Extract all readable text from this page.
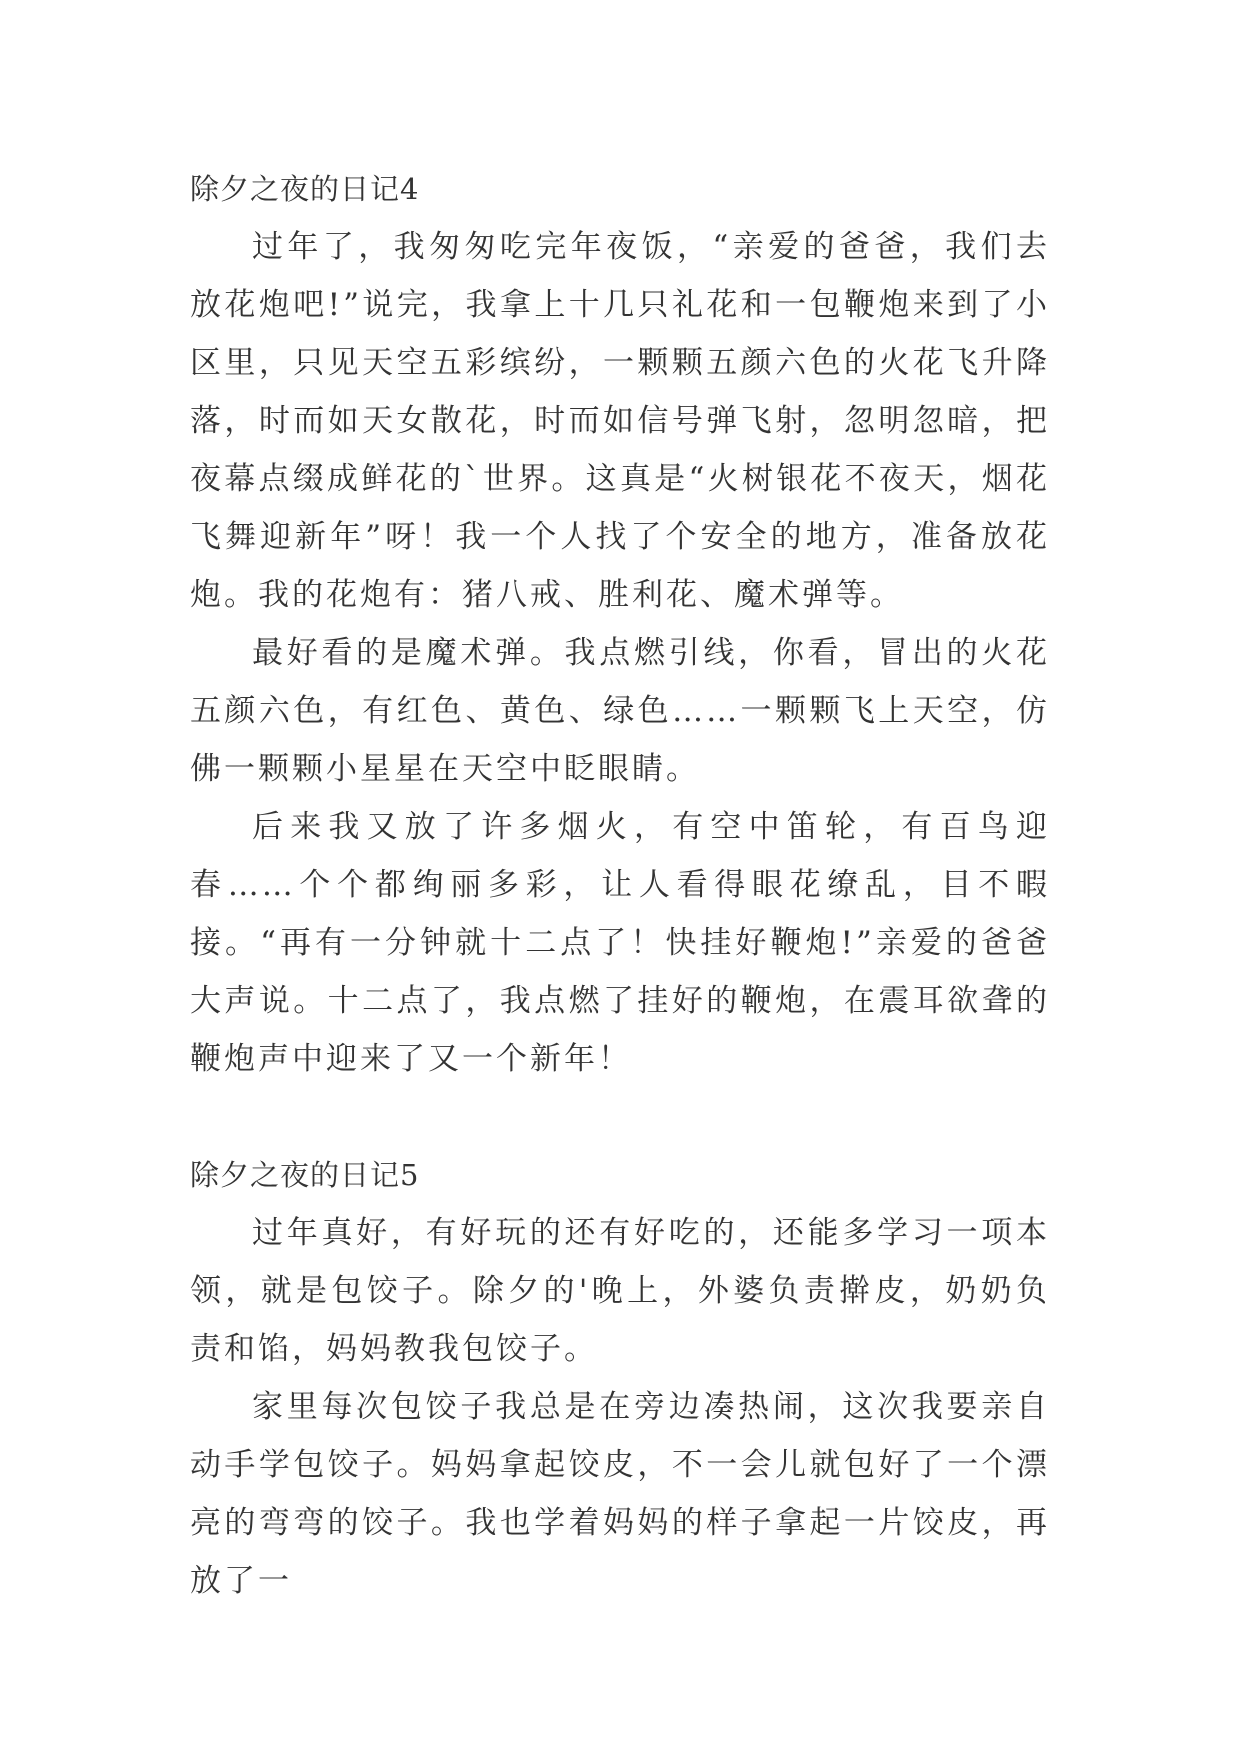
除夕之夜的日记4

过年了，我匆匆吃完年夜饭，“亲爱的爸爸，我们去放花炮吧!”说完，我拿上十几只礼花和一包鞭炮来到了小区里，只见天空五彩缤纷，一颗颗五颜六色的火花飞升降落，时而如天女散花，时而如信号弹飞射，忽明忽暗，把夜幕点缀成鲜花的`世界。这真是“火树银花不夜天，烟花飞舞迎新年”呀！我一个人找了个安全的地方，准备放花炮。我的花炮有：猪八戒、胜利花、魔术弹等。

最好看的是魔术弹。我点燃引线，你看，冒出的火花五颜六色，有红色、黄色、绿色……一颗颗飞上天空，仿佛一颗颗小星星在天空中眨眼睛。

后来我又放了许多烟火，有空中笛轮，有百鸟迎春……个个都绚丽多彩，让人看得眼花缭乱，目不暇接。“再有一分钟就十二点了！快挂好鞭炮!”亲爱的爸爸大声说。十二点了，我点燃了挂好的鞭炮，在震耳欲聋的鞭炮声中迎来了又一个新年！

除夕之夜的日记5

过年真好，有好玩的还有好吃的，还能多学习一项本领，就是包饺子。除夕的'晚上，外婆负责擀皮，奶奶负责和馅，妈妈教我包饺子。

家里每次包饺子我总是在旁边凑热闹，这次我要亲自动手学包饺子。妈妈拿起饺皮，不一会儿就包好了一个漂亮的弯弯的饺子。我也学着妈妈的样子拿起一片饺皮，再放了一
